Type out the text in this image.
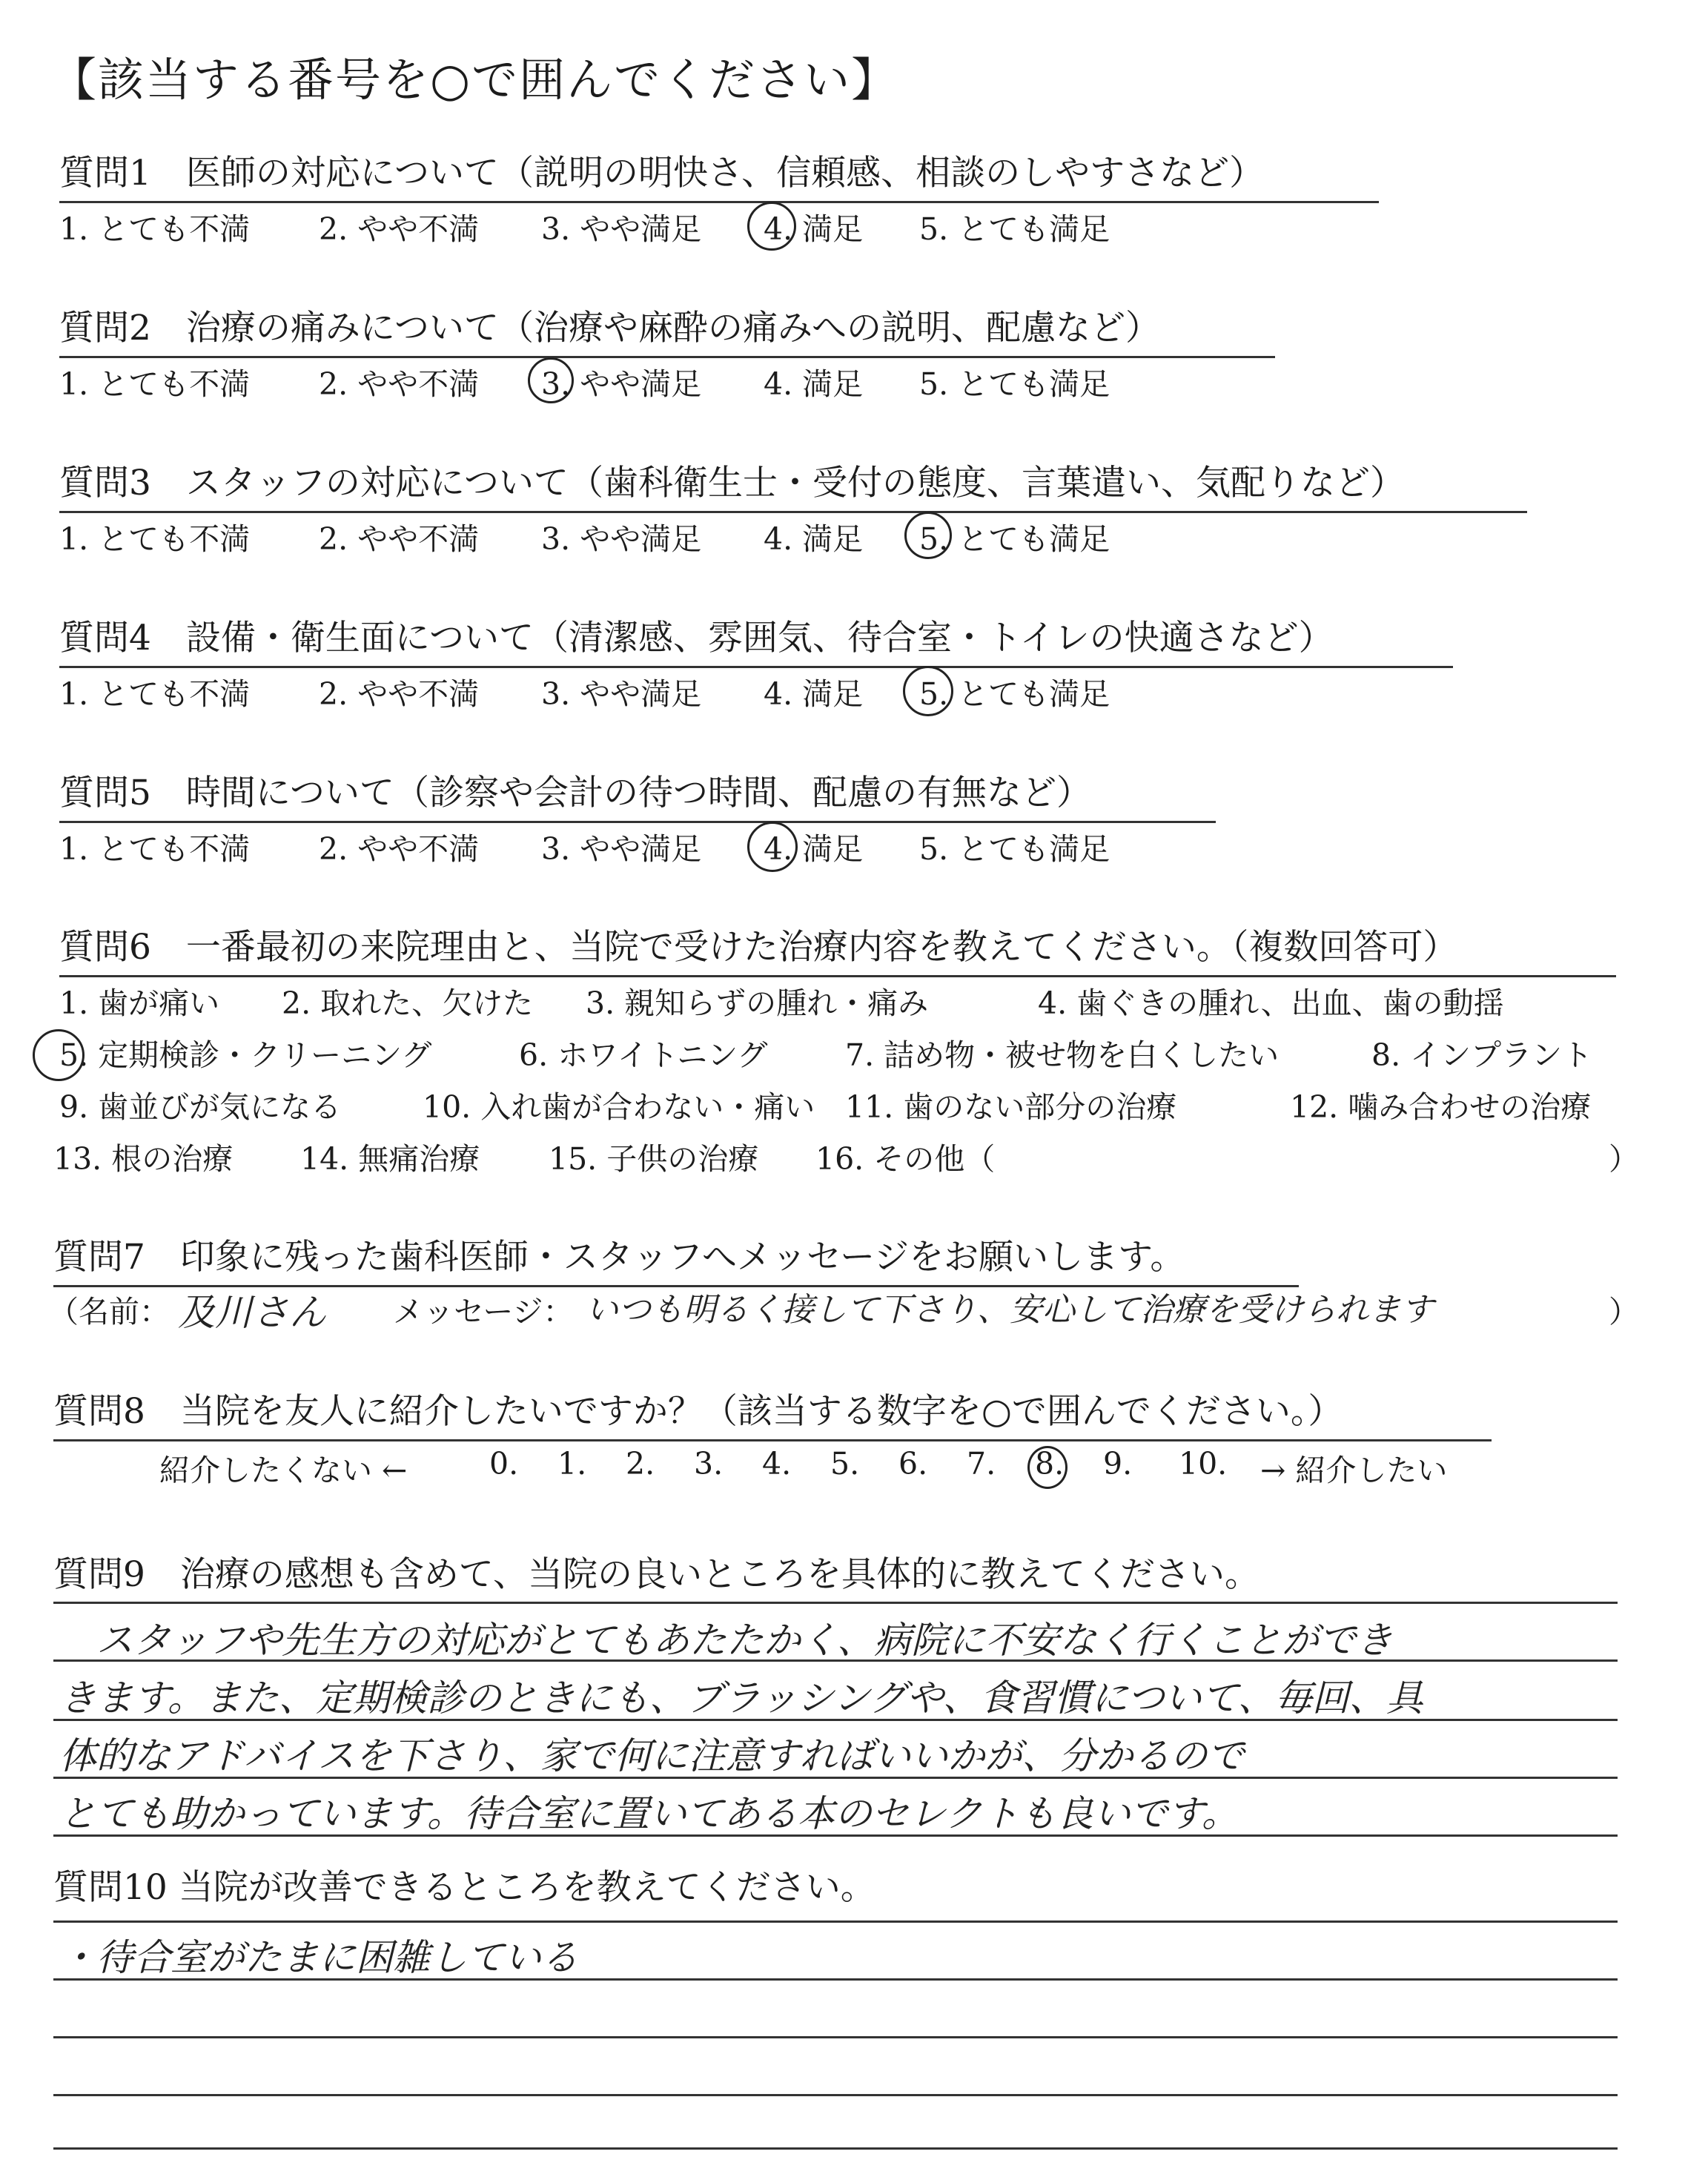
【該当する番号を○で囲んでください】
質問1　医師の対応について（説明の明快さ、信頼感、相談のしやすさなど）
1. とても不満 2. やや不満 3. やや満足 4. 満足 5. とても満足
質問2　治療の痛みについて（治療や麻酔の痛みへの説明、配慮など）
1. とても不満 2. やや不満 3. やや満足 4. 満足 5. とても満足
質問3　スタッフの対応について（歯科衛生士・受付の態度、言葉遣い、気配りなど）
1. とても不満 2. やや不満 3. やや満足 4. 満足 5. とても満足
質問4　設備・衛生面について（清潔感、雰囲気、待合室・トイレの快適さなど）
1. とても不満 2. やや不満 3. やや満足 4. 満足 5. とても満足
質問5　時間について（診察や会計の待つ時間、配慮の有無など）
1. とても不満 2. やや不満 3. やや満足 4. 満足 5. とても満足
質問6　一番最初の来院理由と、当院で受けた治療内容を教えてください。（複数回答可）
1. 歯が痛い 2. 取れた、欠けた 3. 親知らずの腫れ・痛み	4. 歯ぐきの腫れ、出血、歯の動揺
5. 定期検診・クリーニング	6. ホワイトニング	7. 詰め物・被せ物を白くしたい	8. インプラント
9. 歯並びが気になる	10. 入れ歯が合わない・痛い 11. 歯のない部分の治療	12. 噛み合わせの治療
13. 根の治療 14. 無痛治療 15. 子供の治療 16. その他（	）
質問7　印象に残った歯科医師・スタッフへメッセージをお願いします。
（名前： 及川さん メッセージ： いつも明るく接して下さり、安心して治療を受けられます	）
質問8　当院を友人に紹介したいですか？（該当する数字を○で囲んでください。）
紹介したくない ←	0. 1. 2. 3. 4. 5. 6. 7. 8. 9. 10. → 紹介したい
質問9　治療の感想も含めて、当院の良いところを具体的に教えてください。
スタッフや先生方の対応がとてもあたたかく、病院に不安なく行くことができ
きます。また、定期検診のときにも、ブラッシングや、食習慣について、毎回、具
体的なアドバイスを下さり、家で何に注意すればいいかが、分かるので
とても助かっています。待合室に置いてある本のセレクトも良いです。
質問10 当院が改善できるところを教えてください。
・待合室がたまに困雑している
